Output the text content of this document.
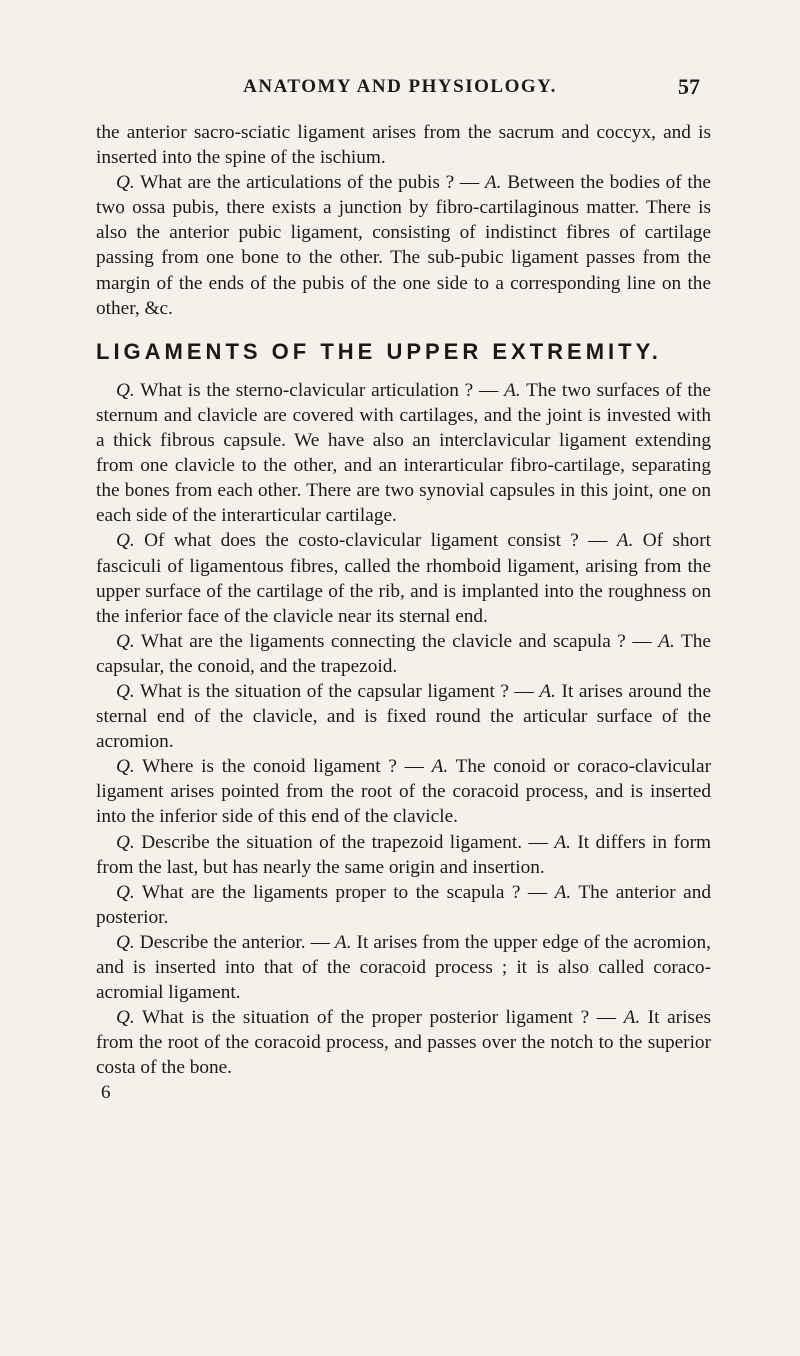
ANATOMY AND PHYSIOLOGY.	57

the anterior sacro-sciatic ligament arises from the sacrum and coccyx, and is inserted into the spine of the ischium.

Q. What are the articulations of the pubis ? — A. Between the bodies of the two ossa pubis, there exists a junction by fibro-cartilaginous matter. There is also the anterior pubic ligament, consisting of indistinct fibres of cartilage passing from one bone to the other. The sub-pubic ligament passes from the margin of the ends of the pubis of the one side to a corresponding line on the other, &c.

LIGAMENTS OF THE UPPER EXTREMITY.

Q. What is the sterno-clavicular articulation ? — A. The two surfaces of the sternum and clavicle are covered with cartilages, and the joint is invested with a thick fibrous capsule. We have also an interclavicular ligament extending from one clavicle to the other, and an interarticular fibro-cartilage, separating the bones from each other. There are two synovial capsules in this joint, one on each side of the interarticular cartilage.

Q. Of what does the costo-clavicular ligament consist ? — A. Of short fasciculi of ligamentous fibres, called the rhomboid ligament, arising from the upper surface of the cartilage of the rib, and is implanted into the roughness on the inferior face of the clavicle near its sternal end.

Q. What are the ligaments connecting the clavicle and scapula ? — A. The capsular, the conoid, and the trapezoid.

Q. What is the situation of the capsular ligament ? — A. It arises around the sternal end of the clavicle, and is fixed round the articular surface of the acromion.

Q. Where is the conoid ligament ? — A. The conoid or coraco-clavicular ligament arises pointed from the root of the coracoid process, and is inserted into the inferior side of this end of the clavicle.

Q. Describe the situation of the trapezoid ligament. — A. It differs in form from the last, but has nearly the same origin and insertion.

Q. What are the ligaments proper to the scapula ? — A. The anterior and posterior.

Q. Describe the anterior. — A. It arises from the upper edge of the acromion, and is inserted into that of the coracoid process ; it is also called coraco-acromial ligament.

Q. What is the situation of the proper posterior ligament ? — A. It arises from the root of the coracoid process, and passes over the notch to the superior costa of the bone.

6
